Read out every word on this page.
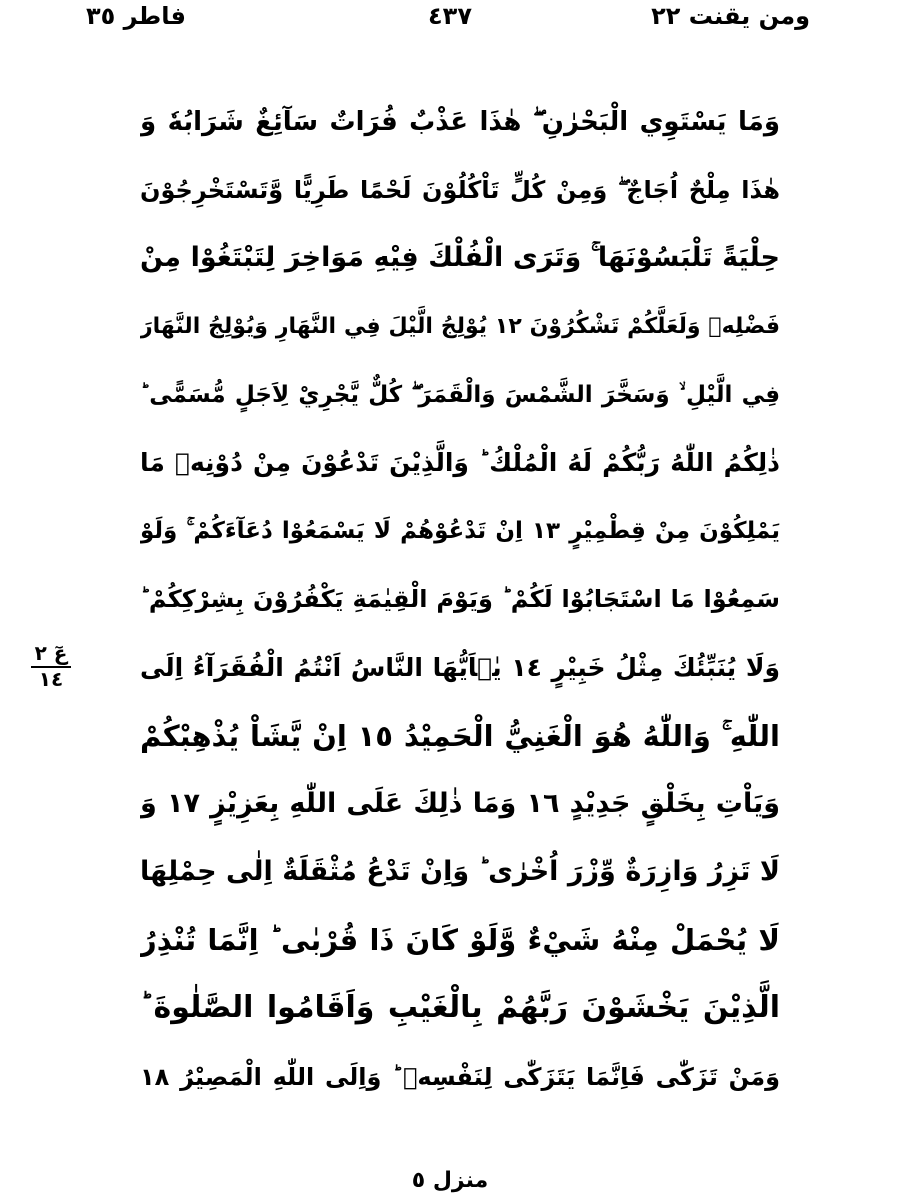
ومن يقنت ٢٢
٤٣٧
فاطر ٣٥
عٓ ٢
١٤
وَمَا يَسْتَوِي الْبَحْرٰنِ ۖ هٰذَا عَذْبٌ فُرَاتٌ سَآئِغٌ شَرَابُهٗ وَ
هٰذَا مِلْحٌ اُجَاجٌ ۖ وَمِنْ كُلٍّ تَاْكُلُوْنَ لَحْمًا طَرِيًّا وَّتَسْتَخْرِجُوْنَ
حِلْيَةً تَلْبَسُوْنَهَا ۚ وَتَرَى الْفُلْكَ فِيْهِ مَوَاخِرَ لِتَبْتَغُوْا مِنْ
فَضْلِهٖ وَلَعَلَّكُمْ تَشْكُرُوْنَ ١٢ يُوْلِجُ الَّيْلَ فِي النَّهَارِ وَيُوْلِجُ النَّهَارَ
فِي الَّيْلِ ۙ وَسَخَّرَ الشَّمْسَ وَالْقَمَرَ ۖ كُلٌّ يَّجْرِيْ لِاَجَلٍ مُّسَمًّى ؕ
ذٰلِكُمُ اللّٰهُ رَبُّكُمْ لَهُ الْمُلْكُ ؕ وَالَّذِيْنَ تَدْعُوْنَ مِنْ دُوْنِهٖ مَا
يَمْلِكُوْنَ مِنْ قِطْمِيْرٍ ١٣ اِنْ تَدْعُوْهُمْ لَا يَسْمَعُوْا دُعَآءَكُمْ ۚ وَلَوْ
سَمِعُوْا مَا اسْتَجَابُوْا لَكُمْ ؕ وَيَوْمَ الْقِيٰمَةِ يَكْفُرُوْنَ بِشِرْكِكُمْ ؕ
وَلَا يُنَبِّئُكَ مِثْلُ خَبِيْرٍ ١٤ يٰۤاَيُّهَا النَّاسُ اَنْتُمُ الْفُقَرَآءُ اِلَى
اللّٰهِ ۚ وَاللّٰهُ هُوَ الْغَنِيُّ الْحَمِيْدُ ١٥ اِنْ يَّشَاْ يُذْهِبْكُمْ
وَيَاْتِ بِخَلْقٍ جَدِيْدٍ ١٦ وَمَا ذٰلِكَ عَلَى اللّٰهِ بِعَزِيْزٍ ١٧ وَ
لَا تَزِرُ وَازِرَةٌ وِّزْرَ اُخْرٰى ؕ وَاِنْ تَدْعُ مُثْقَلَةٌ اِلٰى حِمْلِهَا
لَا يُحْمَلْ مِنْهُ شَيْءٌ وَّلَوْ كَانَ ذَا قُرْبٰى ؕ اِنَّمَا تُنْذِرُ
الَّذِيْنَ يَخْشَوْنَ رَبَّهُمْ بِالْغَيْبِ وَاَقَامُوا الصَّلٰوةَ ؕ
وَمَنْ تَزَكّٰى فَاِنَّمَا يَتَزَكّٰى لِنَفْسِهٖ ؕ وَاِلَى اللّٰهِ الْمَصِيْرُ ١٨
منزل ٥
